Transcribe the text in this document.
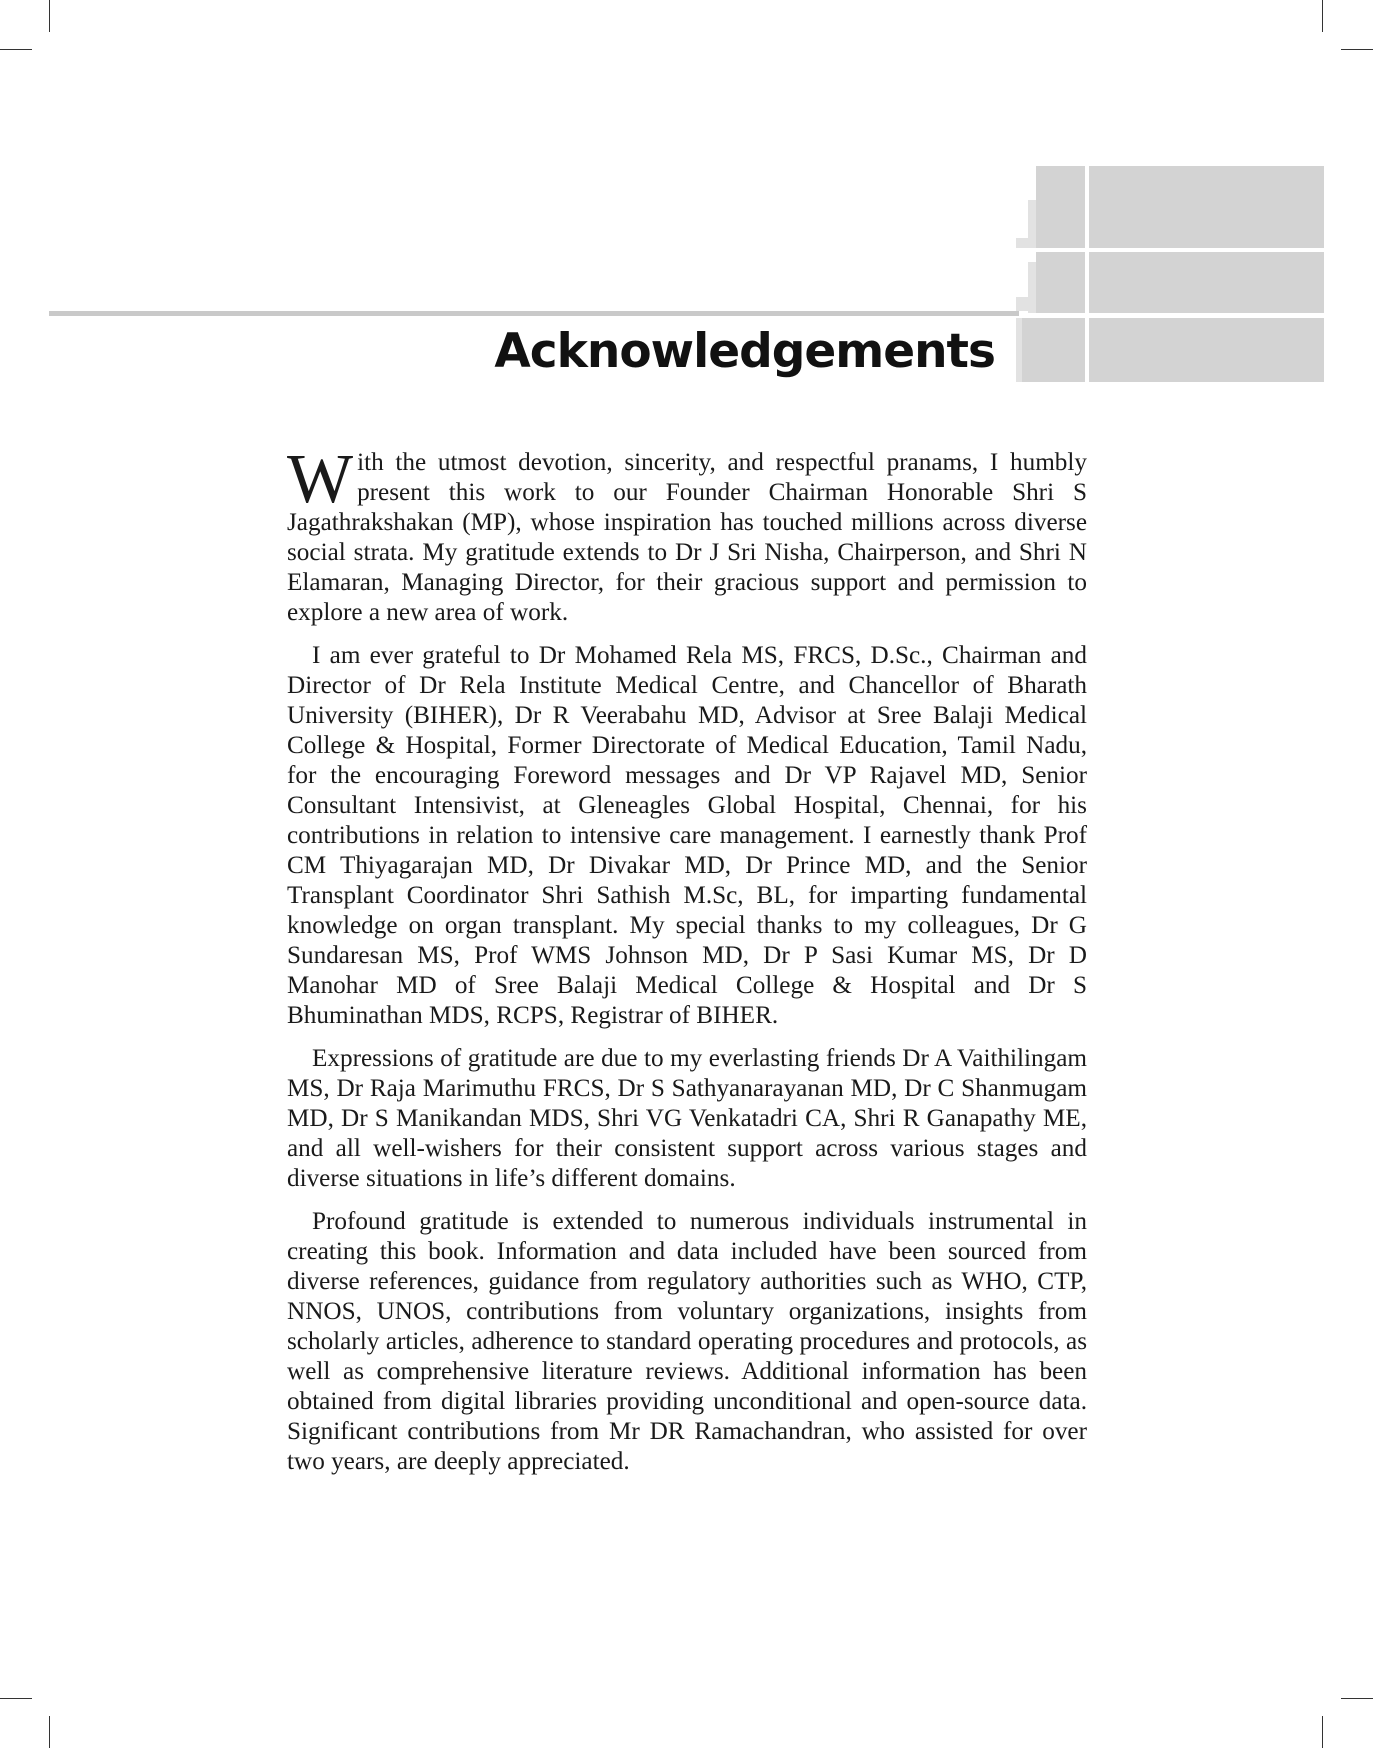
Acknowledgements

With the utmost devotion, sincerity, and respectful pranams, I humbly present this work to our Founder Chairman Honorable Shri S Jagathrakshakan (MP), whose inspiration has touched millions across diverse social strata. My gratitude extends to Dr J Sri Nisha, Chairperson, and Shri N Elamaran, Managing Director, for their gracious support and permission to explore a new area of work.

I am ever grateful to Dr Mohamed Rela MS, FRCS, D.Sc., Chairman and Director of Dr Rela Institute Medical Centre, and Chancellor of Bharath University (BIHER), Dr R Veerabahu MD, Advisor at Sree Balaji Medical College & Hospital, Former Directorate of Medical Education, Tamil Nadu, for the encouraging Foreword messages and Dr VP Rajavel MD, Senior Consultant Intensivist, at Gleneagles Global Hospital, Chennai, for his contributions in relation to intensive care management. I earnestly thank Prof CM Thiyagarajan MD, Dr Divakar MD, Dr Prince MD, and the Senior Transplant Coordinator Shri Sathish M.Sc, BL, for imparting fundamental knowledge on organ transplant. My special thanks to my colleagues, Dr G Sundaresan MS, Prof WMS Johnson MD, Dr P Sasi Kumar MS, Dr D Manohar MD of Sree Balaji Medical College & Hospital and Dr S Bhuminathan MDS, RCPS, Registrar of BIHER.

Expressions of gratitude are due to my everlasting friends Dr A Vaithilingam MS, Dr Raja Marimuthu FRCS, Dr S Sathyanarayanan MD, Dr C Shanmugam MD, Dr S Manikandan MDS, Shri VG Venkatadri CA, Shri R Ganapathy ME, and all well-wishers for their consistent support across various stages and diverse situations in life’s different domains.

Profound gratitude is extended to numerous individuals instrumental in creating this book. Information and data included have been sourced from diverse references, guidance from regulatory authorities such as WHO, CTP, NNOS, UNOS, contributions from voluntary organizations, insights from scholarly articles, adherence to standard operating procedures and protocols, as well as comprehensive literature reviews. Additional information has been obtained from digital libraries providing unconditional and open-source data. Significant contributions from Mr DR Ramachandran, who assisted for over two years, are deeply appreciated.
